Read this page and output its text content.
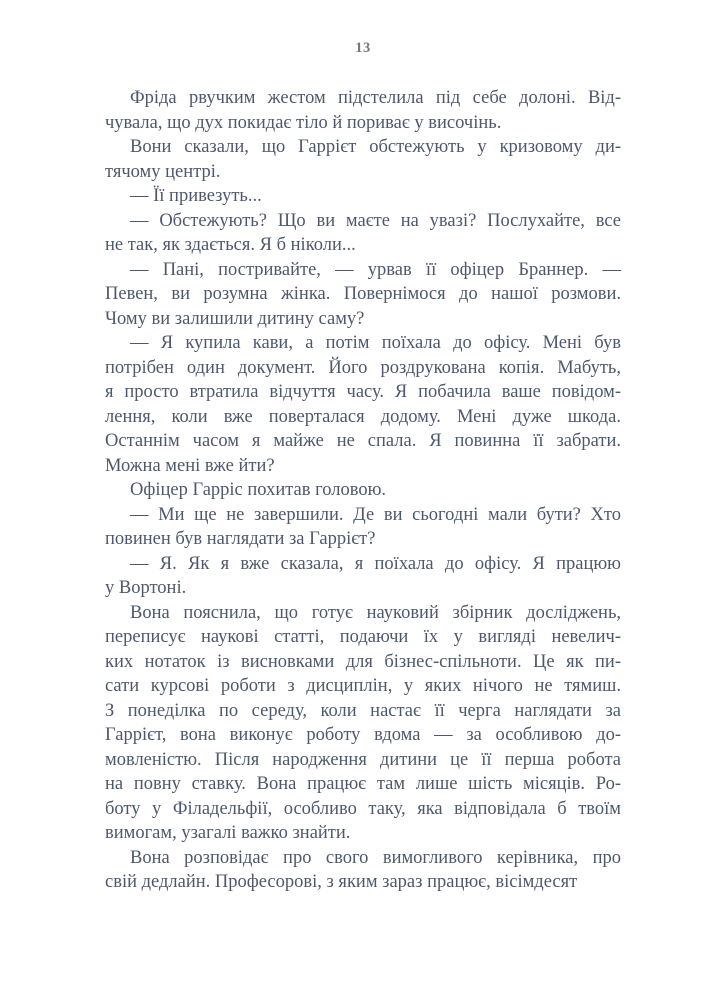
13
Фріда рвучким жестом підстелила під себе долоні. Від-
чувала, що дух покидає тіло й пориває у височінь.
Вони сказали, що Гаррієт обстежують у кризовому ди-
тячому центрі.
— Її привезуть...
— Обстежують? Що ви маєте на увазі? Послухайте, все
не так, як здається. Я б ніколи...
— Пані, постривайте, — урвав її офіцер Браннер. —
Певен, ви розумна жінка. Повернімося до нашої розмови.
Чому ви залишили дитину саму?
— Я купила кави, а потім поїхала до офісу. Мені був
потрібен один документ. Його роздрукована копія. Мабуть,
я просто втратила відчуття часу. Я побачила ваше повідом-
лення, коли вже поверталася додому. Мені дуже шкода.
Останнім часом я майже не спала. Я повинна її забрати.
Можна мені вже йти?
Офіцер Гарріс похитав головою.
— Ми ще не завершили. Де ви сьогодні мали бути? Хто
повинен був наглядати за Гаррієт?
— Я. Як я вже сказала, я поїхала до офісу. Я працюю
у Вортоні.
Вона пояснила, що готує науковий збірник досліджень,
переписує наукові статті, подаючи їх у вигляді невелич-
ких нотаток із висновками для бізнес-спільноти. Це як пи-
сати курсові роботи з дисциплін, у яких нічого не тямиш.
З понеділка по середу, коли настає її черга наглядати за
Гаррієт, вона виконує роботу вдома — за особливою до-
мовленістю. Після народження дитини це її перша робота
на повну ставку. Вона працює там лише шість місяців. Ро-
боту у Філадельфії, особливо таку, яка відповідала б твоїм
вимогам, узагалі важко знайти.
Вона розповідає про свого вимогливого керівника, про
свій дедлайн. Професорові, з яким зараз працює, вісімдесят
